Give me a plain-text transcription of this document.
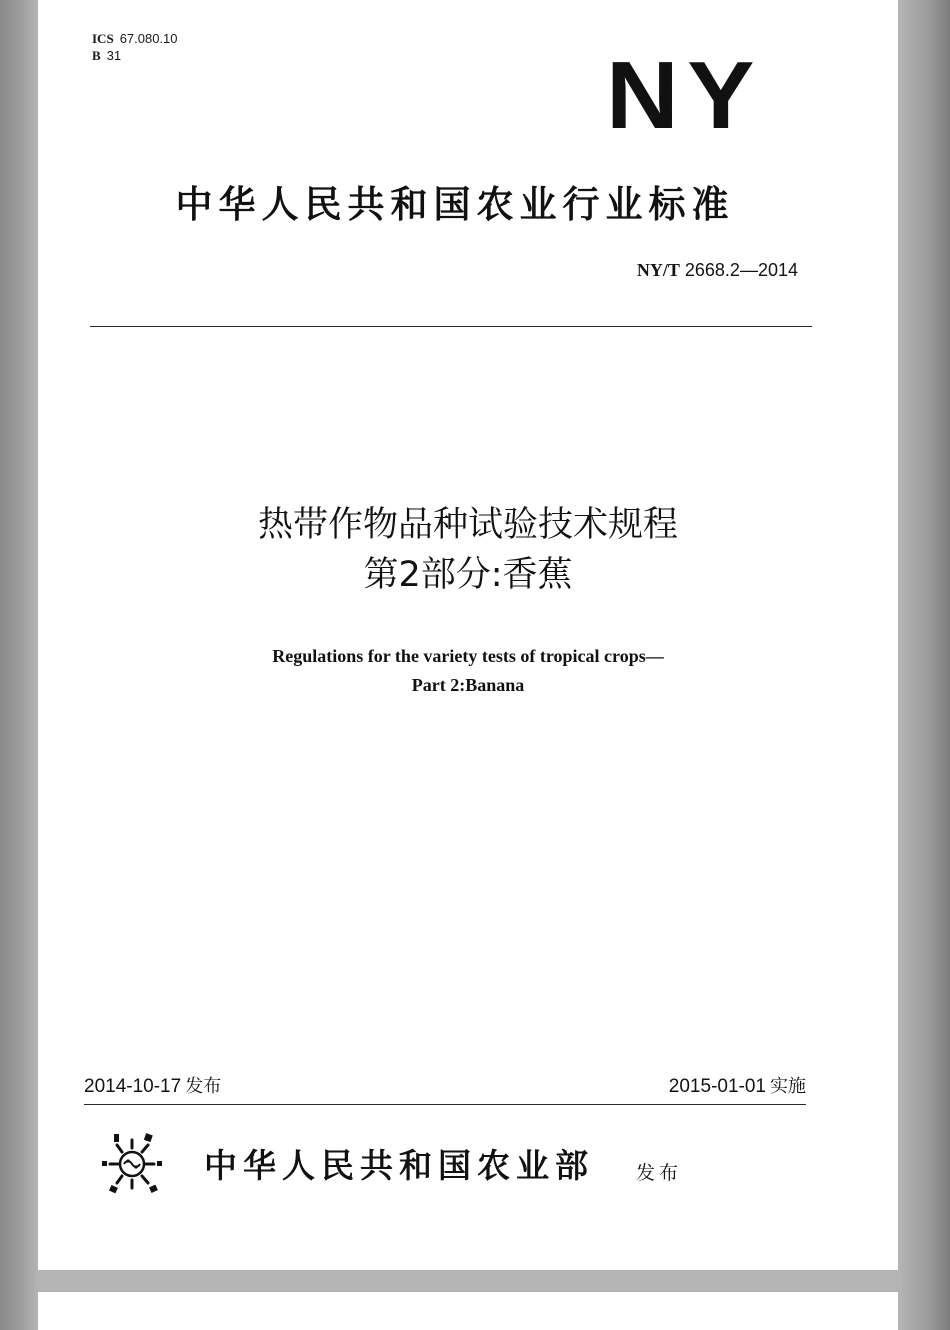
ICS 67.080.10
B 31	NY
中华人民共和国农业行业标准
NY/T 2668.2—2014
热带作物品种试验技术规程
第2部分:香蕉
Regulations for the variety tests of tropical crops—
Part 2:Banana
2014-10-17 发布	2015-01-01 实施
中华人民共和国农业部 发布
